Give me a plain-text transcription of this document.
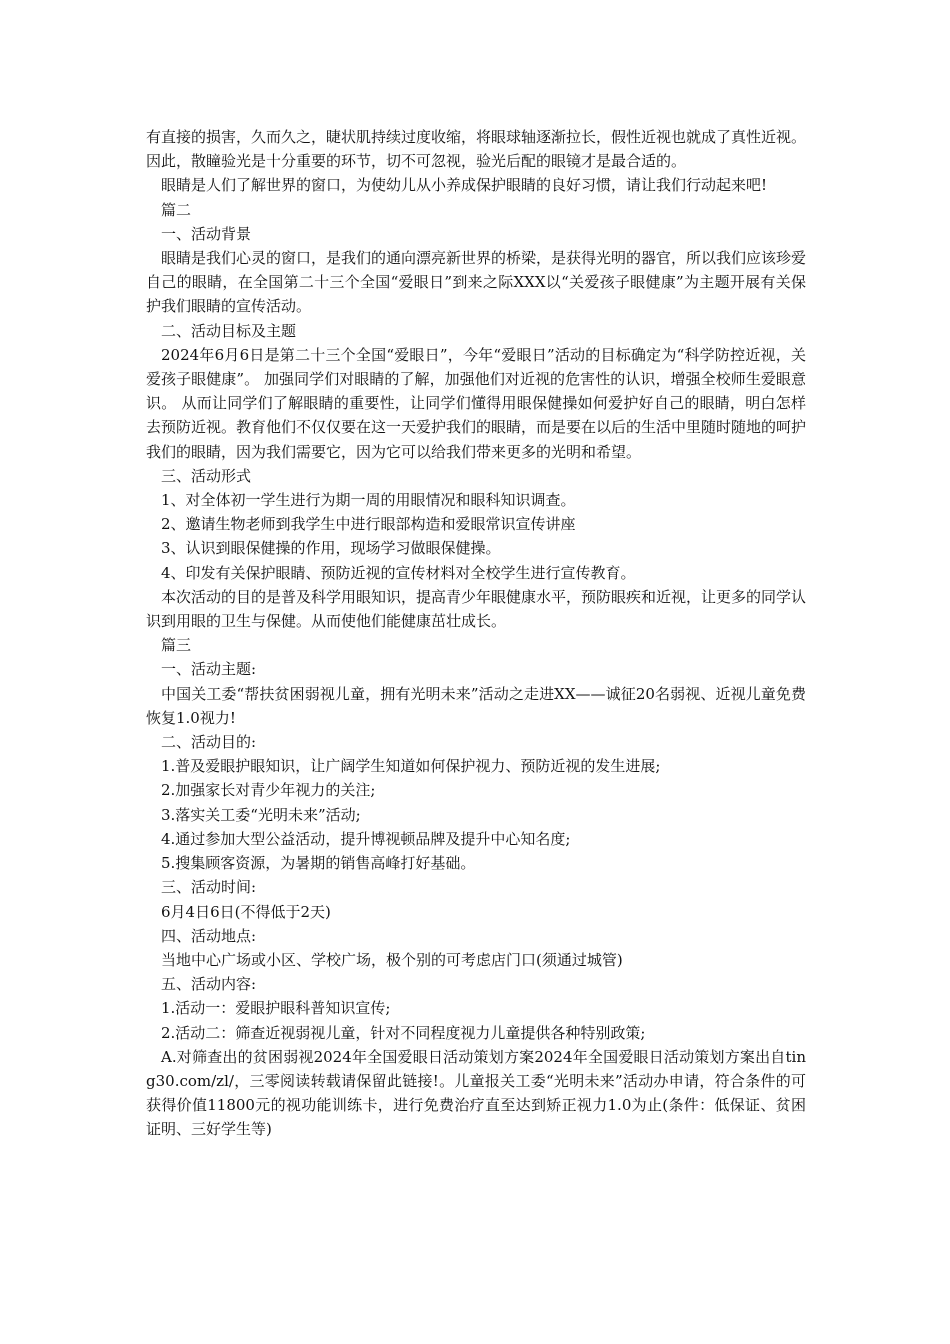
有直接的损害，久而久之，睫状肌持续过度收缩，将眼球轴逐渐拉长，假性近视也就成了真性近视。因此，散瞳验光是十分重要的环节，切不可忽视，验光后配的眼镜才是最合适的。

眼睛是人们了解世界的窗口，为使幼儿从小养成保护眼睛的良好习惯，请让我们行动起来吧!

篇二

一、活动背景

眼睛是我们心灵的窗口，是我们的通向漂亮新世界的桥梁，是获得光明的器官，所以我们应该珍爱自己的眼睛，在全国第二十三个全国“爱眼日”到来之际XXX以“关爱孩子眼健康”为主题开展有关保护我们眼睛的宣传活动。

二、活动目标及主题

2024年6月6日是第二十三个全国“爱眼日”，今年“爱眼日”活动的目标确定为“科学防控近视，关爱孩子眼健康”。 加强同学们对眼睛的了解，加强他们对近视的危害性的认识，增强全校师生爱眼意识。 从而让同学们了解眼睛的重要性，让同学们懂得用眼保健操如何爱护好自己的眼睛，明白怎样去预防近视。教育他们不仅仅要在这一天爱护我们的眼睛，而是要在以后的生活中里随时随地的呵护我们的眼睛，因为我们需要它，因为它可以给我们带来更多的光明和希望。

三、活动形式

1、对全体初一学生进行为期一周的用眼情况和眼科知识调查。

2、邀请生物老师到我学生中进行眼部构造和爱眼常识宣传讲座

3、认识到眼保健操的作用，现场学习做眼保健操。

4、印发有关保护眼睛、预防近视的宣传材料对全校学生进行宣传教育。

本次活动的目的是普及科学用眼知识，提高青少年眼健康水平，预防眼疾和近视，让更多的同学认识到用眼的卫生与保健。从而使他们能健康茁壮成长。

篇三

一、活动主题:

中国关工委“帮扶贫困弱视儿童，拥有光明未来”活动之走进XX——诚征20名弱视、近视儿童免费恢复1.0视力!

二、活动目的:

1.普及爱眼护眼知识，让广阔学生知道如何保护视力、预防近视的发生进展;

2.加强家长对青少年视力的关注;

3.落实关工委“光明未来”活动;

4.通过参加大型公益活动，提升博视顿品牌及提升中心知名度;

5.搜集顾客资源，为暑期的销售高峰打好基础。

三、活动时间:

6月4日6日(不得低于2天)

四、活动地点:

当地中心广场或小区、学校广场，极个别的可考虑店门口(须通过城管)

五、活动内容:

1.活动一：爱眼护眼科普知识宣传;

2.活动二：筛查近视弱视儿童，针对不同程度视力儿童提供各种特别政策;

A.对筛查出的贫困弱视2024年全国爱眼日活动策划方案2024年全国爱眼日活动策划方案出自ting30.com/zl/，三零阅读转载请保留此链接!。儿童报关工委“光明未来”活动办申请，符合条件的可获得价值11800元的视功能训练卡，进行免费治疗直至达到矫正视力1.0为止(条件：低保证、贫困证明、三好学生等)
